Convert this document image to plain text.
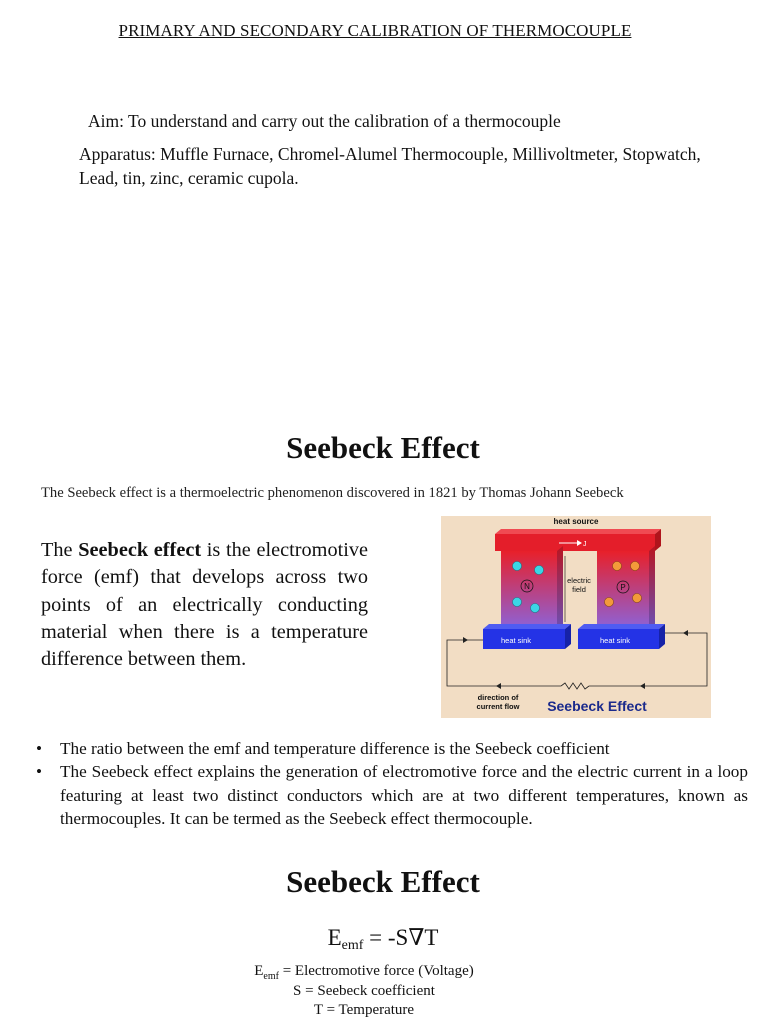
PRIMARY AND SECONDARY CALIBRATION OF THERMOCOUPLE
Aim: To understand and carry out the calibration of a thermocouple
Apparatus: Muffle Furnace, Chromel-Alumel Thermocouple, Millivoltmeter, Stopwatch, Lead, tin, zinc, ceramic cupola.
Seebeck Effect
The Seebeck effect is a thermoelectric phenomenon discovered in 1821 by Thomas Johann Seebeck
The Seebeck effect is the electromotive force (emf) that develops across two points of an electrically conducting material when there is a temperature difference between them.
heat source
J
N
electric field	P
heat sink	heat sink
direction of current flow Seebeck Effect
• The ratio between the emf and temperature difference is the Seebeck coefficient
• The Seebeck effect explains the generation of electromotive force and the electric current in a loop featuring at least two distinct conductors which are at two different temperatures, known as thermocouples. It can be termed as the Seebeck effect thermocouple.
Seebeck Effect
$E_{emf} = -S\nabla T$
$E_{emf}$ = Electromotive force (Voltage)
S = Seebeck coefficient
T = Temperature
